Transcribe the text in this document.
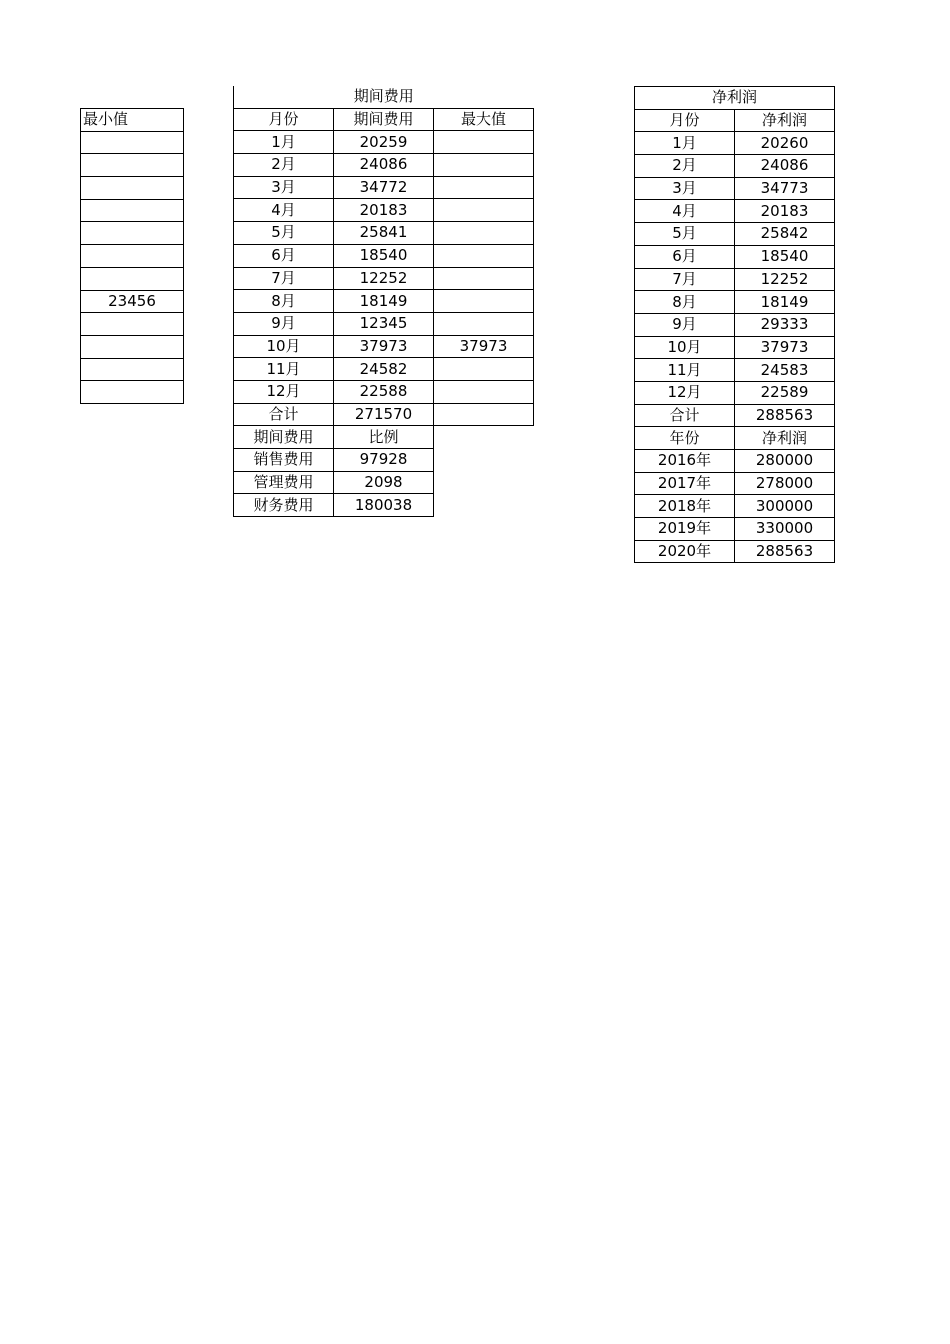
最小值

23456

期间费用		
月份	期间费用	最大值
1月	20259	
2月	24086	
3月	34772	
4月	20183	
5月	25841	
6月	18540	
7月	12252	
8月	18149	
9月	12345	
10月	37973	37973
11月	24582	
12月	22588	
合计	271570	
期间费用	比例	
销售费用	97928	
管理费用	2098	
财务费用	180038	
净利润	
月份	净利润
1月	20260
2月	24086
3月	34773
4月	20183
5月	25842
6月	18540
7月	12252
8月	18149
9月	29333
10月	37973
11月	24583
12月	22589
合计	288563
年份	净利润
2016年	280000
2017年	278000
2018年	300000
2019年	330000
2020年	288563
